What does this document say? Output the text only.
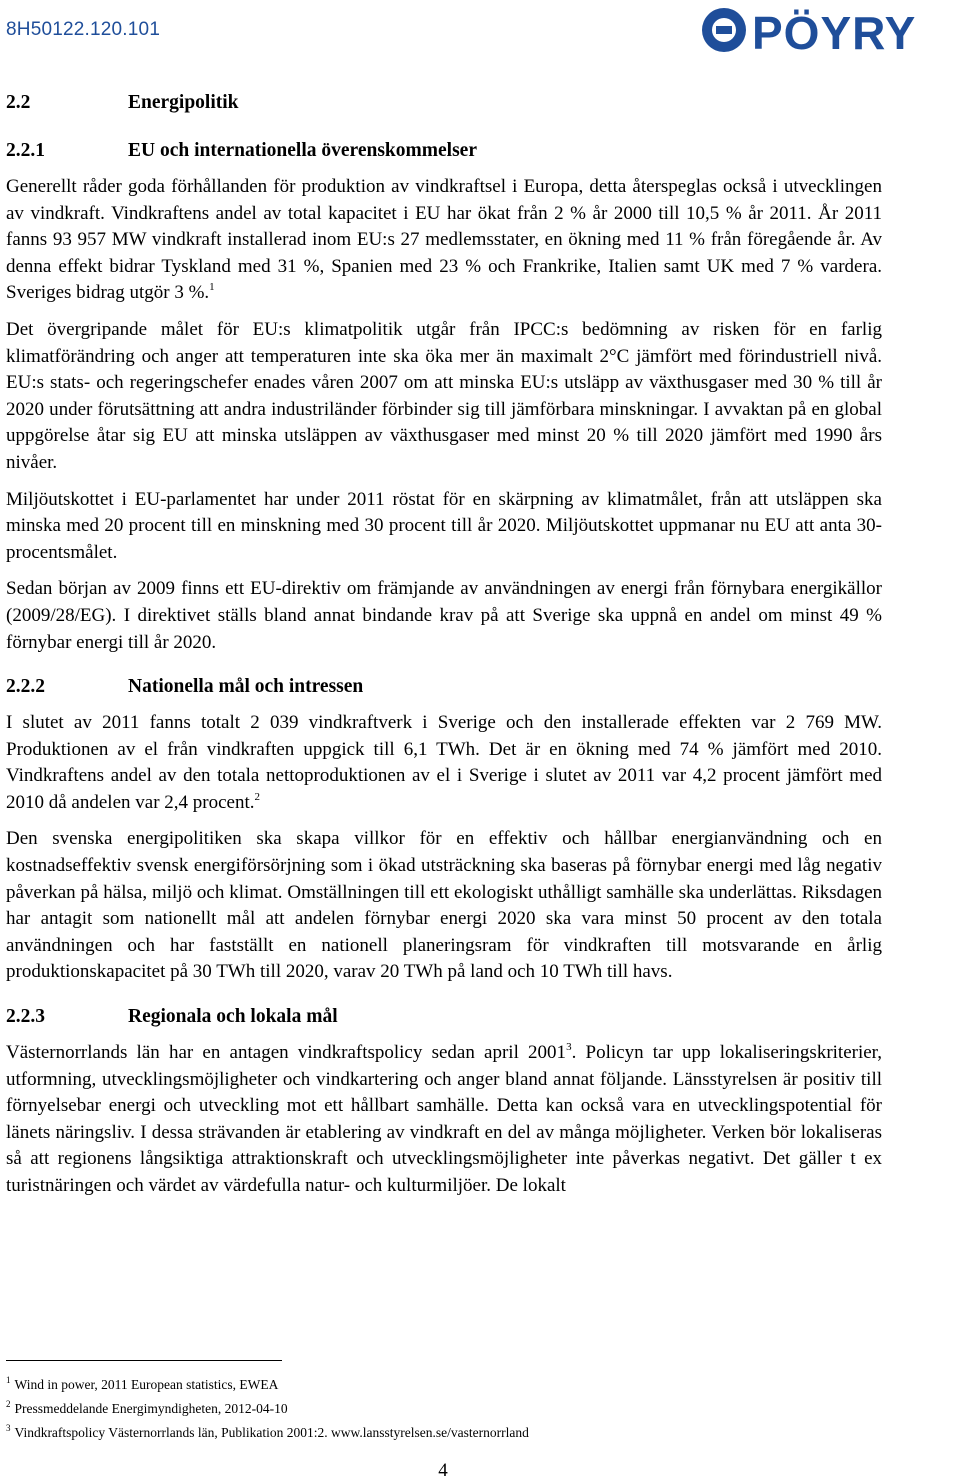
8H50122.120.101	PÖYRY
2.2	Energipolitik
2.2.1	EU och internationella överenskommelser

Generellt råder goda förhållanden för produktion av vindkraftsel i Europa, detta återspeglas också i utvecklingen av vindkraft. Vindkraftens andel av total kapacitet i EU har ökat från 2 % år 2000 till 10,5 % år 2011. År 2011 fanns 93 957 MW vindkraft installerad inom EU:s 27 medlemsstater, en ökning med 11 % från föregående år. Av denna effekt bidrar Tyskland med 31 %, Spanien med 23 % och Frankrike, Italien samt UK med 7 % vardera. Sveriges bidrag utgör 3 %.$^1$

Det övergripande målet för EU:s klimatpolitik utgår från IPCC:s bedömning av risken för en farlig klimatförändring och anger att temperaturen inte ska öka mer än maximalt 2°C jämfört med förindustriell nivå. EU:s stats- och regeringschefer enades våren 2007 om att minska EU:s utsläpp av växthusgaser med 30 % till år 2020 under förutsättning att andra industriländer förbinder sig till jämförbara minskningar. I avvaktan på en global uppgörelse åtar sig EU att minska utsläppen av växthusgaser med minst 20 % till 2020 jämfört med 1990 års nivåer.

Miljöutskottet i EU-parlamentet har under 2011 röstat för en skärpning av klimatmålet, från att utsläppen ska minska med 20 procent till en minskning med 30 procent till år 2020. Miljöutskottet uppmanar nu EU att anta 30-procentsmålet.

Sedan början av 2009 finns ett EU-direktiv om främjande av användningen av energi från förnybara energikällor (2009/28/EG). I direktivet ställs bland annat bindande krav på att Sverige ska uppnå en andel om minst 49 % förnybar energi till år 2020.

2.2.2	Nationella mål och intressen

I slutet av 2011 fanns totalt 2 039 vindkraftverk i Sverige och den installerade effekten var 2 769 MW. Produktionen av el från vindkraften uppgick till 6,1 TWh. Det är en ökning med 74 % jämfört med 2010. Vindkraftens andel av den totala nettoproduktionen av el i Sverige i slutet av 2011 var 4,2 procent jämfört med 2010 då andelen var 2,4 procent.$^2$

Den svenska energipolitiken ska skapa villkor för en effektiv och hållbar energianvändning och en kostnadseffektiv svensk energiförsörjning som i ökad utsträckning ska baseras på förnybar energi med låg negativ påverkan på hälsa, miljö och klimat. Omställningen till ett ekologiskt uthålligt samhälle ska underlättas. Riksdagen har antagit som nationellt mål att andelen förnybar energi 2020 ska vara minst 50 procent av den totala användningen och har fastställt en nationell planeringsram för vindkraften till motsvarande en årlig produktionskapacitet på 30 TWh till 2020, varav 20 TWh på land och 10 TWh till havs.

2.2.3	Regionala och lokala mål

Västernorrlands län har en antagen vindkraftspolicy sedan april 2001$^3$. Policyn tar upp lokaliseringskriterier, utformning, utvecklingsmöjligheter och vindkartering och anger bland annat följande. Länsstyrelsen är positiv till förnyelsebar energi och utveckling mot ett hållbart samhälle. Detta kan också vara en utvecklingspotential för länets näringsliv. I dessa strävanden är etablering av vindkraft en del av många möjligheter. Verken bör lokaliseras så att regionens långsiktiga attraktionskraft och utvecklingsmöjligheter inte påverkas negativt. Det gäller t ex turistnäringen och värdet av värdefulla natur- och kulturmiljöer. De lokalt

$^1$ Wind in power, 2011 European statistics, EWEA
$^2$ Pressmeddelande Energimyndigheten, 2012-04-10
$^3$ Vindkraftspolicy Västernorrlands län, Publikation 2001:2. www.lansstyrelsen.se/vasternorrland
4
